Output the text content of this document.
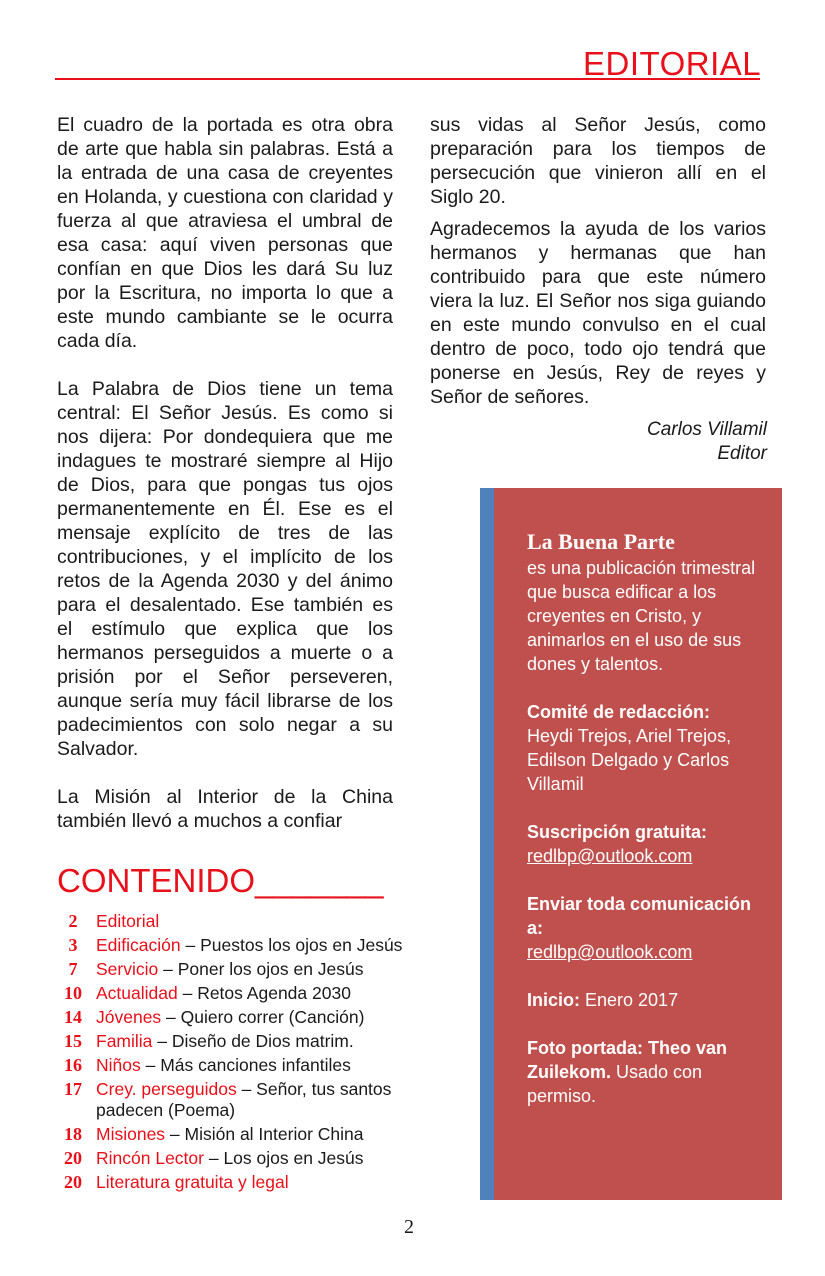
EDITORIAL

El cuadro de la portada es otra obra de arte que habla sin palabras. Está a la entrada de una casa de creyentes en Holanda, y cuestiona con claridad y fuerza al que atraviesa el umbral de esa casa: aquí viven personas que confían en que Dios les dará Su luz por la Escritura, no importa lo que a este mundo cambiante se le ocurra cada día.

La Palabra de Dios tiene un tema central: El Señor Jesús. Es como si nos dijera: Por dondequiera que me indagues te mostraré siempre al Hijo de Dios, para que pongas tus ojos permanentemente en Él. Ese es el mensaje explícito de tres de las contribuciones, y el implícito de los retos de la Agenda 2030 y del ánimo para el desalentado. Ese también es el estímulo que explica que los hermanos perseguidos a muerte o a prisión por el Señor perseveren, aunque sería muy fácil librarse de los padecimientos con solo negar a su Salvador.

La Misión al Interior de la China también llevó a muchos a confiar

sus vidas al Señor Jesús, como preparación para los tiempos de persecución que vinieron allí en el Siglo 20.

Agradecemos la ayuda de los varios hermanos y hermanas que han contribuido para que este número viera la luz. El Señor nos siga guiando en este mundo convulso en el cual dentro de poco, todo ojo tendrá que ponerse en Jesús, Rey de reyes y Señor de señores.

Carlos Villamil
Editor
CONTENIDO_______
2	Editorial
3	Edificación – Puestos los ojos en Jesús
7	Servicio – Poner los ojos en Jesús
10 Actualidad – Retos Agenda 2030
14 Jóvenes – Quiero correr (Canción)
15 Familia – Diseño de Dios matrim.
16 Niños – Más canciones infantiles
17 Crey. perseguidos – Señor, tus santos padecen (Poema)
18 Misiones – Misión al Interior China
20 Rincón Lector – Los ojos en Jesús
20 Literatura gratuita y legal

La Buena Parte
es una publicación trimestral que busca edificar a los creyentes en Cristo, y animarlos en el uso de sus dones y talentos.

Comité de redacción:
Heydi Trejos, Ariel Trejos, Edilson Delgado y Carlos Villamil

Suscripción gratuita:
redlbp@outlook.com

Enviar toda comunicación a:
redlbp@outlook.com

Inicio: Enero 2017

Foto portada: Theo van Zuilekom. Usado con permiso.

2
